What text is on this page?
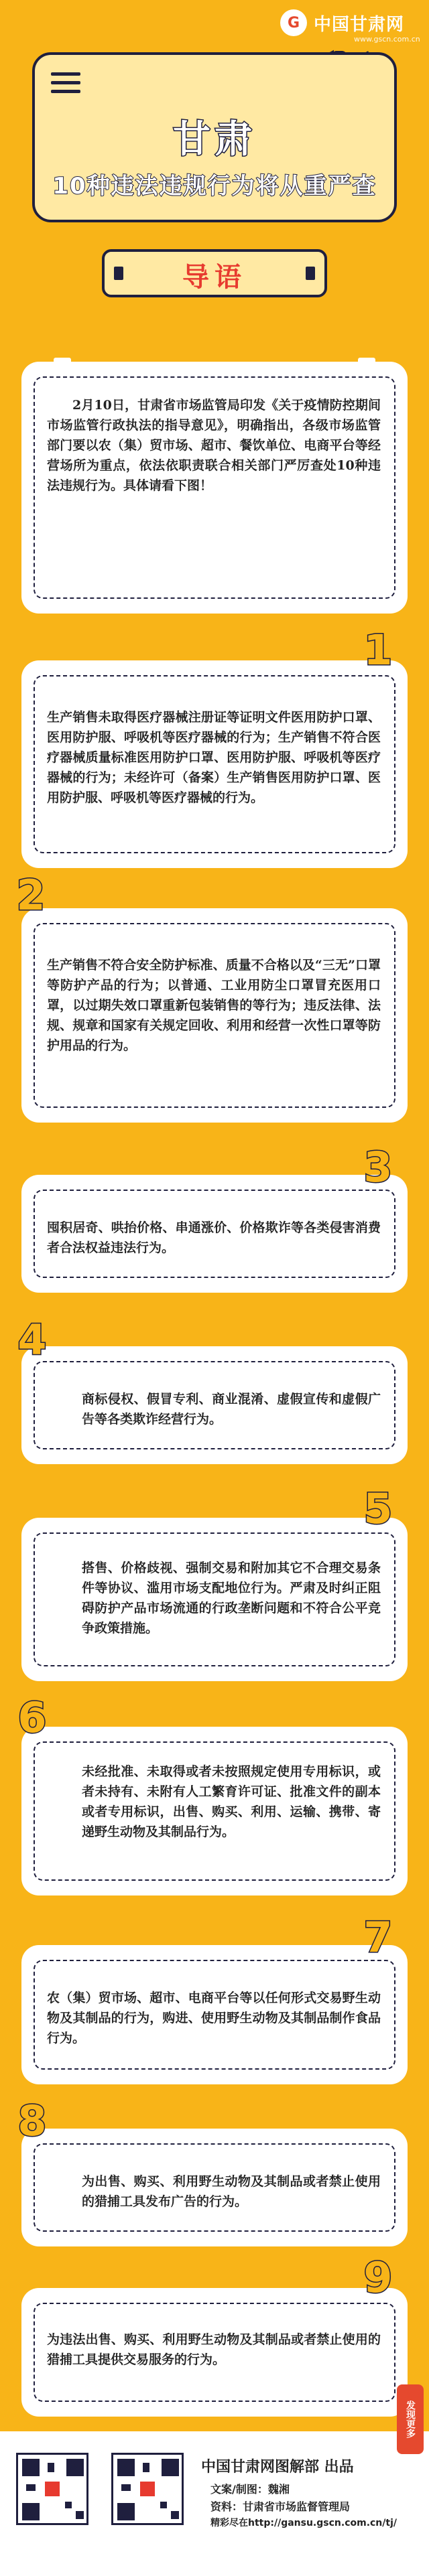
G 中国甘肃网
www.gscn.com.cn
甘肃
10种违法违规行为将从重严查
导语
2月10日，甘肃省市场监管局印发《关于疫情防控期间市场监管行政执法的指导意见》，明确指出，各级市场监管部门要以农（集）贸市场、超市、餐饮单位、电商平台等经营场所为重点，依法依职责联合相关部门严厉查处10种违法违规行为。具体请看下图！
生产销售未取得医疗器械注册证等证明文件医用防护口罩、医用防护服、呼吸机等医疗器械的行为；生产销售不符合医疗器械质量标准医用防护口罩、医用防护服、呼吸机等医疗器械的行为；未经许可（备案）生产销售医用防护口罩、医用防护服、呼吸机等医疗器械的行为。
1
生产销售不符合安全防护标准、质量不合格以及“三无”口罩等防护产品的行为；以普通、工业用防尘口罩冒充医用口罩，以过期失效口罩重新包装销售的等行为；违反法律、法规、规章和国家有关规定回收、利用和经营一次性口罩等防护用品的行为。
2
囤积居奇、哄抬价格、串通涨价、价格欺诈等各类侵害消费者合法权益违法行为。
3
商标侵权、假冒专利、商业混淆、虚假宣传和虚假广告等各类欺诈经营行为。
4
搭售、价格歧视、强制交易和附加其它不合理交易条件等协议、滥用市场支配地位行为。严肃及时纠正阻碍防护产品市场流通的行政垄断问题和不符合公平竞争政策措施。
5
未经批准、未取得或者未按照规定使用专用标识，或者未持有、未附有人工繁育许可证、批准文件的副本或者专用标识，出售、购买、利用、运输、携带、寄递野生动物及其制品行为。
6
农（集）贸市场、超市、电商平台等以任何形式交易野生动物及其制品的行为，购进、使用野生动物及其制品制作食品行为。
7
为出售、购买、利用野生动物及其制品或者禁止使用的猎捕工具发布广告的行为。
8
为违法出售、购买、利用野生动物及其制品或者禁止使用的猎捕工具提供交易服务的行为。
9
发现更多
中国甘肃网图解部 出品
文案/制图：魏湘
资料：甘肃省市场监督管理局
精彩尽在http://gansu.gscn.com.cn/tj/
